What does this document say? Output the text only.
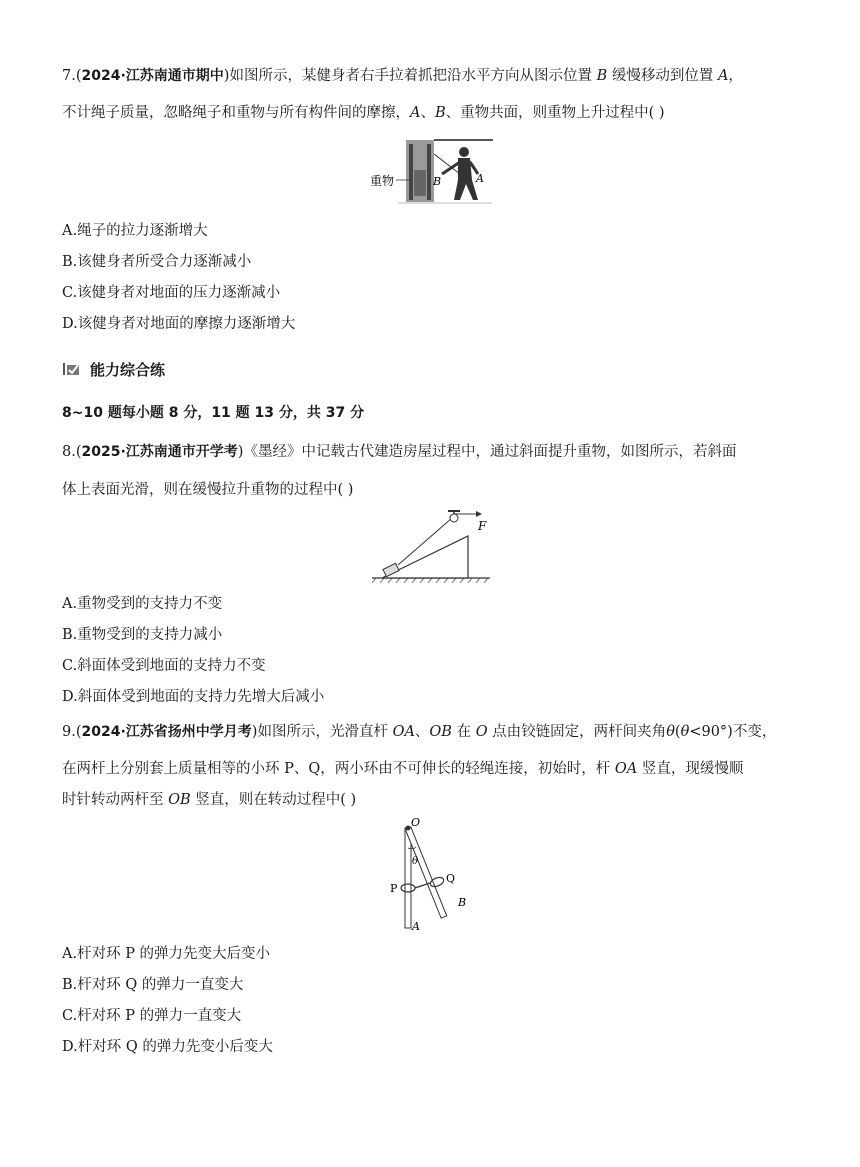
7.(2024·江苏南通市期中)如图所示，某健身者右手拉着抓把沿水平方向从图示位置 B 缓慢移动到位置 A，
不计绳子质量，忽略绳子和重物与所有构件间的摩擦，A、B、重物共面，则重物上升过程中( )
重物	B	A
A.绳子的拉力逐渐增大
B.该健身者所受合力逐渐减小
C.该健身者对地面的压力逐渐减小
D.该健身者对地面的摩擦力逐渐增大
能力综合练
8~10 题每小题 8 分，11 题 13 分，共 37 分
8.(2025·江苏南通市开学考)《墨经》中记载古代建造房屋过程中，通过斜面提升重物，如图所示，若斜面
体上表面光滑，则在缓慢拉升重物的过程中( )
F
A.重物受到的支持力不变
B.重物受到的支持力减小
C.斜面体受到地面的支持力不变
D.斜面体受到地面的支持力先增大后减小
9.(2024·江苏省扬州中学月考)如图所示，光滑直杆 OA、OB 在 O 点由铰链固定，两杆间夹角θ(θ<90°)不变，
在两杆上分别套上质量相等的小环 P、Q，两小环由不可伸长的轻绳连接，初始时，杆 OA 竖直，现缓慢顺
时针转动两杆至 OB 竖直，则在转动过程中( )
O
θ
P
Q
A
B
A.杆对环 P 的弹力先变大后变小
B.杆对环 Q 的弹力一直变大
C.杆对环 P 的弹力一直变大
D.杆对环 Q 的弹力先变小后变大
